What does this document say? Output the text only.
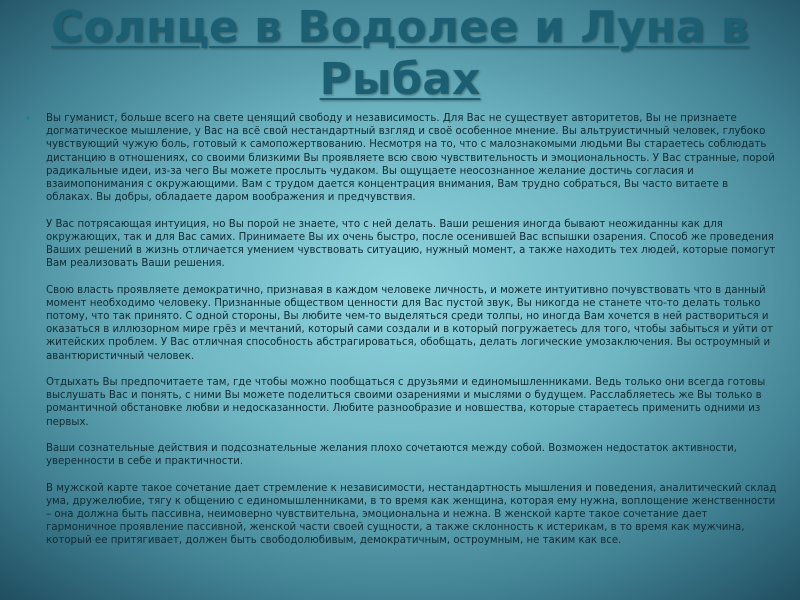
Солнце в Водолее и Луна в Рыбах
•	Вы гуманист, больше всего на свете ценящий свободу и независимость. Для Вас не существует авторитетов, Вы не признаете догматическое мышление, у Вас на всё свой нестандартный взгляд и своё особенное мнение. Вы альтруистичный человек, глубоко чувствующий чужую боль, готовый к самопожертвованию. Несмотря на то, что с малознакомыми людьми Вы стараетесь соблюдать дистанцию в отношениях, со своими близкими Вы проявляете всю свою чувствительность и эмоциональность. У Вас странные, порой радикальные идеи, из-за чего Вы можете прослыть чудаком. Вы ощущаете неосознанное желание достичь согласия и взаимопонимания с окружающими. Вам с трудом дается концентрация внимания, Вам трудно собраться, Вы часто витаете в облаках. Вы добры, обладаете даром воображения и предчувствия.

У Вас потрясающая интуиция, но Вы порой не знаете, что с ней делать. Ваши решения иногда бывают неожиданны как для окружающих, так и для Вас самих. Принимаете Вы их очень быстро, после осенившей Вас вспышки озарения. Способ же проведения Ваших решений в жизнь отличается умением чувствовать ситуацию, нужный момент, а также находить тех людей, которые помогут Вам реализовать Ваши решения.

Свою власть проявляете демократично, признавая в каждом человеке личность, и можете интуитивно почувствовать что в данный момент необходимо человеку. Признанные обществом ценности для Вас пустой звук, Вы никогда не станете что-то делать только потому, что так принято. С одной стороны, Вы любите чем-то выделяться среди толпы, но иногда Вам хочется в ней раствориться и оказаться в иллюзорном мире грёз и мечтаний, который сами создали и в который погружаетесь для того, чтобы забыться и уйти от житейских проблем. У Вас отличная способность абстрагироваться, обобщать, делать логические умозаключения. Вы остроумный и авантюристичный человек.

Отдыхать Вы предпочитаете там, где чтобы можно пообщаться с друзьями и единомышленниками. Ведь только они всегда готовы выслушать Вас и понять, с ними Вы можете поделиться своими озарениями и мыслями о будущем. Расслабляетесь же Вы только в романтичной обстановке любви и недосказанности. Любите разнообразие и новшества, которые стараетесь применить одними из первых.

Ваши сознательные действия и подсознательные желания плохо сочетаются между собой. Возможен недостаток активности, уверенности в себе и практичности.

В мужской карте такое сочетание дает стремление к независимости, нестандартность мышления и поведения, аналитический склад ума, дружелюбие, тягу к общению с единомышленниками, в то время как женщина, которая ему нужна, воплощение женственности – она должна быть пассивна, неимоверно чувствительна, эмоциональна и нежна. В женской карте такое сочетание дает гармоничное проявление пассивной, женской части своей сущности, а также склонность к истерикам, в то время как мужчина, который ее притягивает, должен быть свободолюбивым, демократичным, остроумным, не таким как все.
